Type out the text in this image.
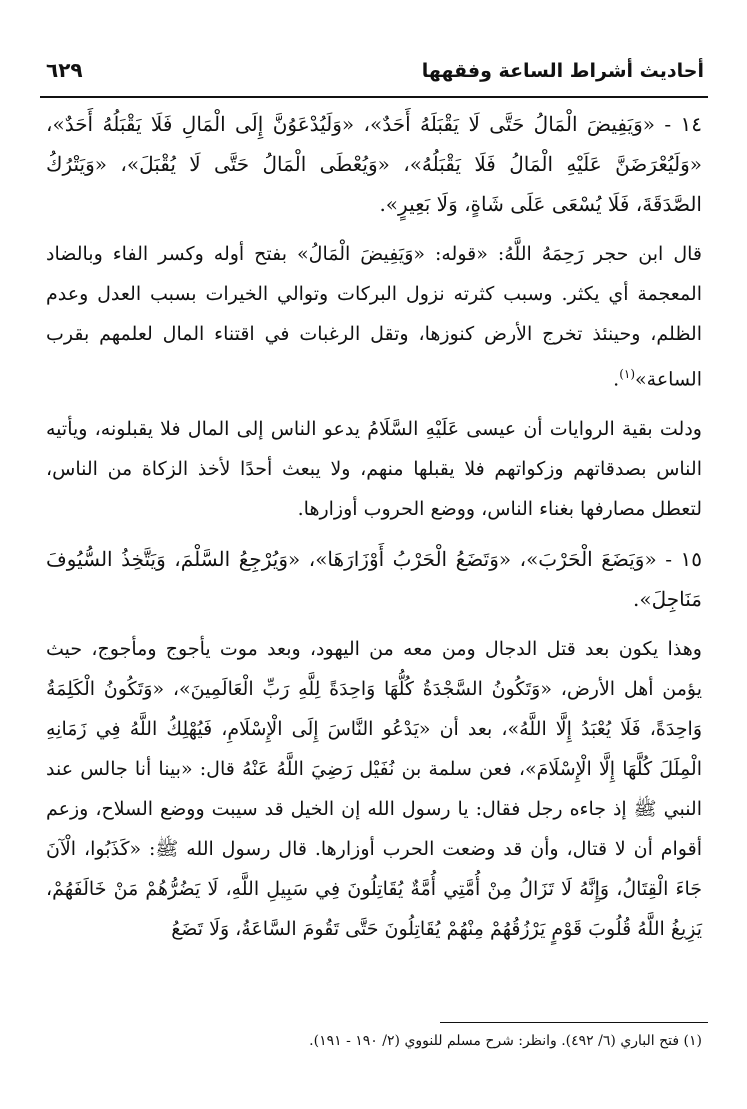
أحاديث أشراط الساعة وفقهها
٦٢٩

١٤ - «وَيَفِيضَ الْمَالُ حَتَّى لَا يَقْبَلَهُ أَحَدٌ»، «وَلَيُدْعَوُنَّ إِلَى الْمَالِ فَلَا يَقْبَلُهُ أَحَدٌ»، «وَلَيُعْرَضَنَّ عَلَيْهِ الْمَالُ فَلَا يَقْبَلُهُ»، «وَيُعْطَى الْمَالُ حَتَّى لَا يُقْبَلَ»، «وَيَتْرُكُ الصَّدَقَةَ، فَلَا يُسْعَى عَلَى شَاةٍ، وَلَا بَعِيرٍ».

قال ابن حجر رَحِمَهُ اللَّهُ: «قوله: «وَيَفِيضَ الْمَالُ» بفتح أوله وكسر الفاء وبالضاد المعجمة أي يكثر. وسبب كثرته نزول البركات وتوالي الخيرات بسبب العدل وعدم الظلم، وحينئذ تخرج الأرض كنوزها، وتقل الرغبات في اقتناء المال لعلمهم بقرب الساعة»$^{(١)}$.

ودلت بقية الروايات أن عيسى عَلَيْهِ السَّلَامُ يدعو الناس إلى المال فلا يقبلونه، ويأتيه الناس بصدقاتهم وزكواتهم فلا يقبلها منهم، ولا يبعث أحدًا لأخذ الزكاة من الناس، لتعطل مصارفها بغناء الناس، ووضع الحروب أوزارها.

١٥ - «وَيَضَعَ الْحَرْبَ»، «وَتَضَعُ الْحَرْبُ أَوْزَارَهَا»، «وَيُرْجِعُ السَّلْمَ، وَيَتَّخِذُ السُّيُوفَ مَنَاجِلَ».

وهذا يكون بعد قتل الدجال ومن معه من اليهود، وبعد موت يأجوج ومأجوج، حيث يؤمن أهل الأرض، «وَتَكُونُ السَّجْدَةُ كُلُّهَا وَاحِدَةً لِلَّهِ رَبِّ الْعَالَمِينَ»، «وَتَكُونُ الْكَلِمَةُ وَاحِدَةً، فَلَا يُعْبَدُ إِلَّا اللَّهُ»، بعد أن «يَدْعُو النَّاسَ إِلَى الْإِسْلَامِ، فَيُهْلِكُ اللَّهُ فِي زَمَانِهِ الْمِلَلَ كُلَّهَا إِلَّا الْإِسْلَامَ»، فعن سلمة بن نُفَيْل رَضِيَ اللَّهُ عَنْهُ قال: «بينا أنا جالس عند النبي ﷺ إذ جاءه رجل فقال: يا رسول الله إن الخيل قد سيبت ووضع السلاح، وزعم أقوام أن لا قتال، وأن قد وضعت الحرب أوزارها. قال رسول الله ﷺ: «كَذَبُوا، الْآنَ جَاءَ الْقِتَالُ، وَإِنَّهُ لَا تَزَالُ مِنْ أُمَّتِي أُمَّةٌ يُقَاتِلُونَ فِي سَبِيلِ اللَّهِ، لَا يَضُرُّهُمْ مَنْ خَالَفَهُمْ، يَزِيغُ اللَّهُ قُلُوبَ قَوْمٍ يَرْزُقُهُمْ مِنْهُمْ يُقَاتِلُونَ حَتَّى تَقُومَ السَّاعَةُ، وَلَا تَضَعُ

(١) فتح الباري (٦/ ٤٩٢). وانظر: شرح مسلم للنووي (٢/ ١٩٠ - ١٩١).
